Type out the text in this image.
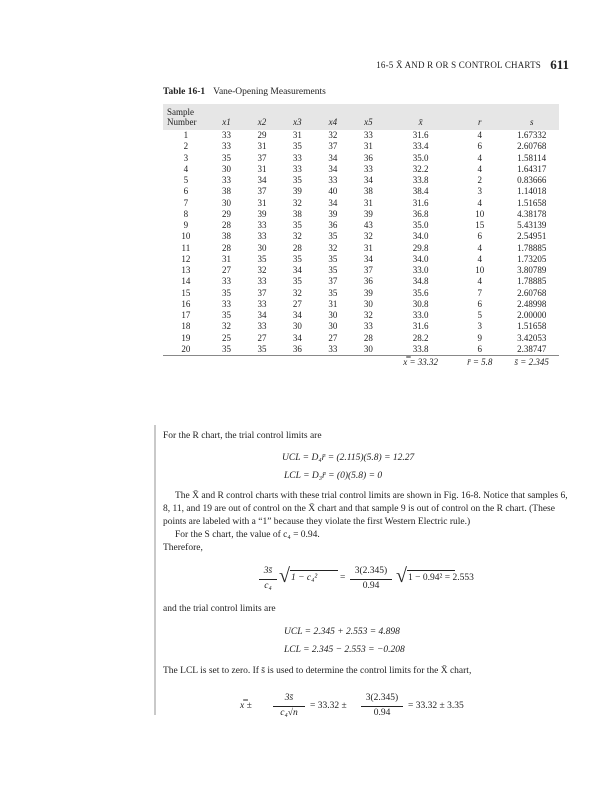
16-5 X̄ AND R OR S CONTROL CHARTS 611
Table 16-1 Vane-Opening Measurements
Sample Number	x1	x2	x3	x4	x5	x̄	r	s
1	33	29	31	32	33	31.6	4	1.67332
2	33	31	35	37	31	33.4	6	2.60768
3	35	37	33	34	36	35.0	4	1.58114
4	30	31	33	34	33	32.2	4	1.64317
5	33	34	35	33	34	33.8	2	0.83666
6	38	37	39	40	38	38.4	3	1.14018
7	30	31	32	34	31	31.6	4	1.51658
8	29	39	38	39	39	36.8	10	4.38178
9	28	33	35	36	43	35.0	15	5.43139
10	38	33	32	35	32	34.0	6	2.54951
11	28	30	28	32	31	29.8	4	1.78885
12	31	35	35	35	34	34.0	4	1.73205
13	27	32	34	35	37	33.0	10	3.80789
14	33	33	35	37	36	34.8	4	1.78885
15	35	37	32	35	39	35.6	7	2.60768
16	33	33	27	31	30	30.8	6	2.48998
17	35	34	34	30	32	33.0	5	2.00000
18	32	33	30	30	33	31.6	3	1.51658
19	25	27	34	27	28	28.2	9	3.42053
20	35	35	36	33	30	33.8	6	2.38747
						x̿ = 33.32	r̄ = 5.8	s̄ = 2.345
For the R chart, the trial control limits are
UCL = D₄r̄ = (2.115)(5.8) = 12.27
LCL = D₃r̄ = (0)(5.8) = 0
The X̄ and R control charts with these trial control limits are shown in Fig. 16-8. Notice that samples 6, 8, 11, and 19 are out of control on the X̄ chart and that sample 9 is out of control on the R chart. (These points are labeled with a “1” because they violate the first Western Electric rule.)
For the S chart, the value of c₄ = 0.94.
Therefore,
3s̄
c₄ √ 1 − c₄² =
3(2.345)
0.94 √ 1 − 0.94² = 2.553
and the trial control limits are
UCL = 2.345 + 2.553 = 4.898
LCL = 2.345 − 2.553 = −0.208
The LCL is set to zero. If s̄ is used to determine the control limits for the X̄ chart,
x̿ ±
3s̄
c₄√n
= 33.32 ±
3(2.345)
0.94
= 33.32 ± 3.35
